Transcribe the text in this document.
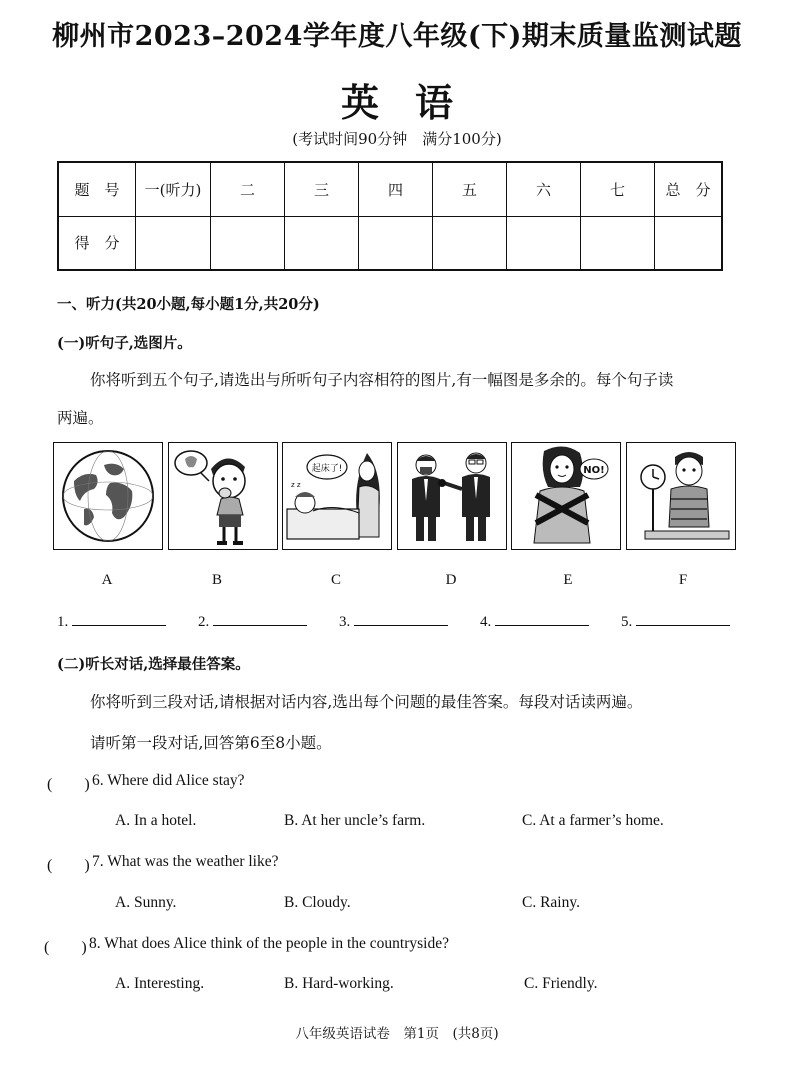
柳州市2023–2024学年度八年级(下)期末质量监测试题
英语
(考试时间90分钟　满分100分)
题　号	一(听力)	二	三	四	五	六	七	总　分
得　分								
一、听力(共20小题,每小题1分,共20分)
(一)听句子,选图片。
你将听到五个句子,请选出与所听句子内容相符的图片,有一幅图是多余的。每个句子读
两遍。
起床了!
z z
NO!
A	B	C	D	E	F
1.	2.	3.	4.	5.
(二)听长对话,选择最佳答案。
你将听到三段对话,请根据对话内容,选出每个问题的最佳答案。每段对话读两遍。
请听第一段对话,回答第6至8小题。
(　　) 6. Where did Alice stay?
A. In a hotel.	B. At her uncle’s farm.	C. At a farmer’s home.
(　　) 7. What was the weather like?
A. Sunny.	B. Cloudy.	C. Rainy.
(　　) 8. What does Alice think of the people in the countryside?
A. Interesting.	B. Hard-working.	C. Friendly.
八年级英语试卷　第1页　(共8页)
